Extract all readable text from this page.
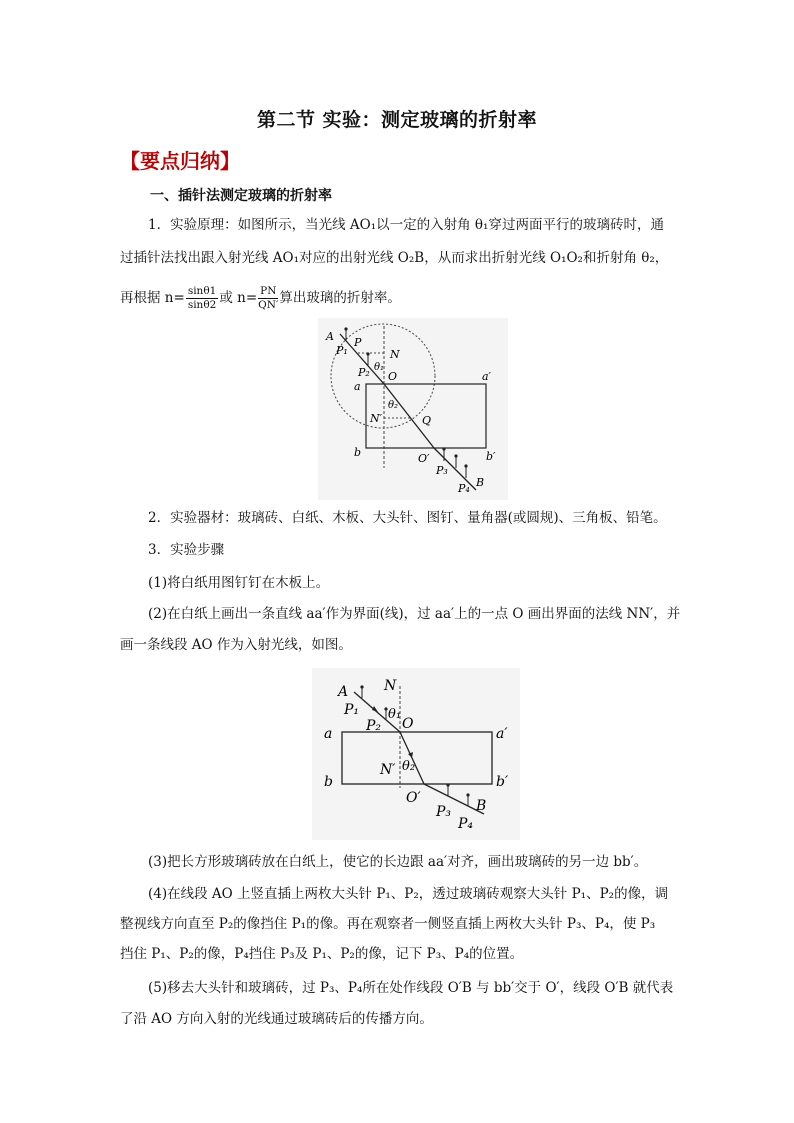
第二节 实验：测定玻璃的折射率
【要点归纳】
一、插针法测定玻璃的折射率
1．实验原理：如图所示，当光线 AO₁以一定的入射角 θ₁穿过两面平行的玻璃砖时，通
过插针法找出跟入射光线 AO₁对应的出射光线 O₂B，从而求出折射光线 O₁O₂和折射角 θ₂，
再根据 $n= \frac{\sin\theta 1}{\sin\theta 2}$ 或 $n= \frac{PN}{QN'}$ 算出玻璃的折射率。
A
P₁
P
N
θ₁
P₂ O
a
a′
N′
θ₂
Q
b	b′
O′
P₃
P₄ B
2．实验器材：玻璃砖、白纸、木板、大头针、图钉、量角器(或圆规)、三角板、铅笔。
3．实验步骤
(1)将白纸用图钉钉在木板上。
(2)在白纸上画出一条直线 aa′作为界面(线)，过 aa′上的一点 O 画出界面的法线 NN′，并
画一条线段 AO 作为入射光线，如图。
A	N
P₁ θ₁
P₂ O
a	a′
N′ θ₂
b	b′
O′
P₃ B
P₄
(3)把长方形玻璃砖放在白纸上，使它的长边跟 aa′对齐，画出玻璃砖的另一边 bb′。
(4)在线段 AO 上竖直插上两枚大头针 P₁、P₂，透过玻璃砖观察大头针 P₁、P₂的像，调
整视线方向直至 P₂的像挡住 P₁的像。再在观察者一侧竖直插上两枚大头针 P₃、P₄，使 P₃
挡住 P₁、P₂的像，P₄挡住 P₃及 P₁、P₂的像，记下 P₃、P₄的位置。
(5)移去大头针和玻璃砖，过 P₃、P₄所在处作线段 O′B 与 bb′交于 O′，线段 O′B 就代表
了沿 AO 方向入射的光线通过玻璃砖后的传播方向。
